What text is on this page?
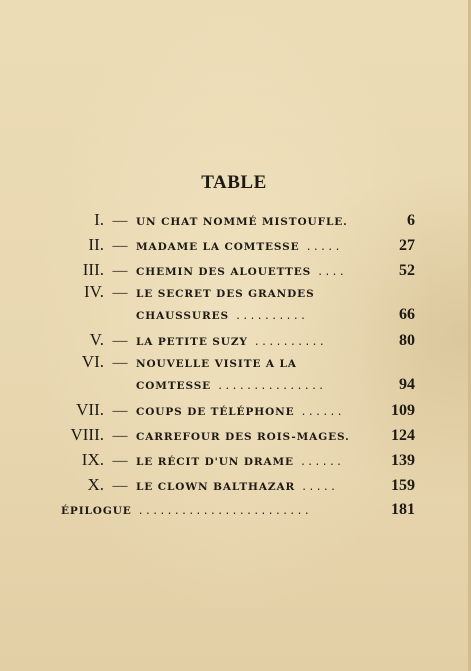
TABLE
I. — UN CHAT NOMMÉ MISTOUFLE.	6
II. — MADAME LA COMTESSE .....	27
III. — CHEMIN DES ALOUETTES ....	52
IV. — LE SECRET DES GRANDES
CHAUSSURES ..........	66
V. — LA PETITE SUZY ..........	80
VI. — NOUVELLE VISITE A LA
COMTESSE ...............	94
VII. — COUPS DE TÉLÉPHONE ......	109
VIII. — CARREFOUR DES ROIS-MAGES.	124
IX. — LE RÉCIT D'UN DRAME ......	139
X. — LE CLOWN BALTHAZAR .....	159
ÉPILOGUE ........................	181
